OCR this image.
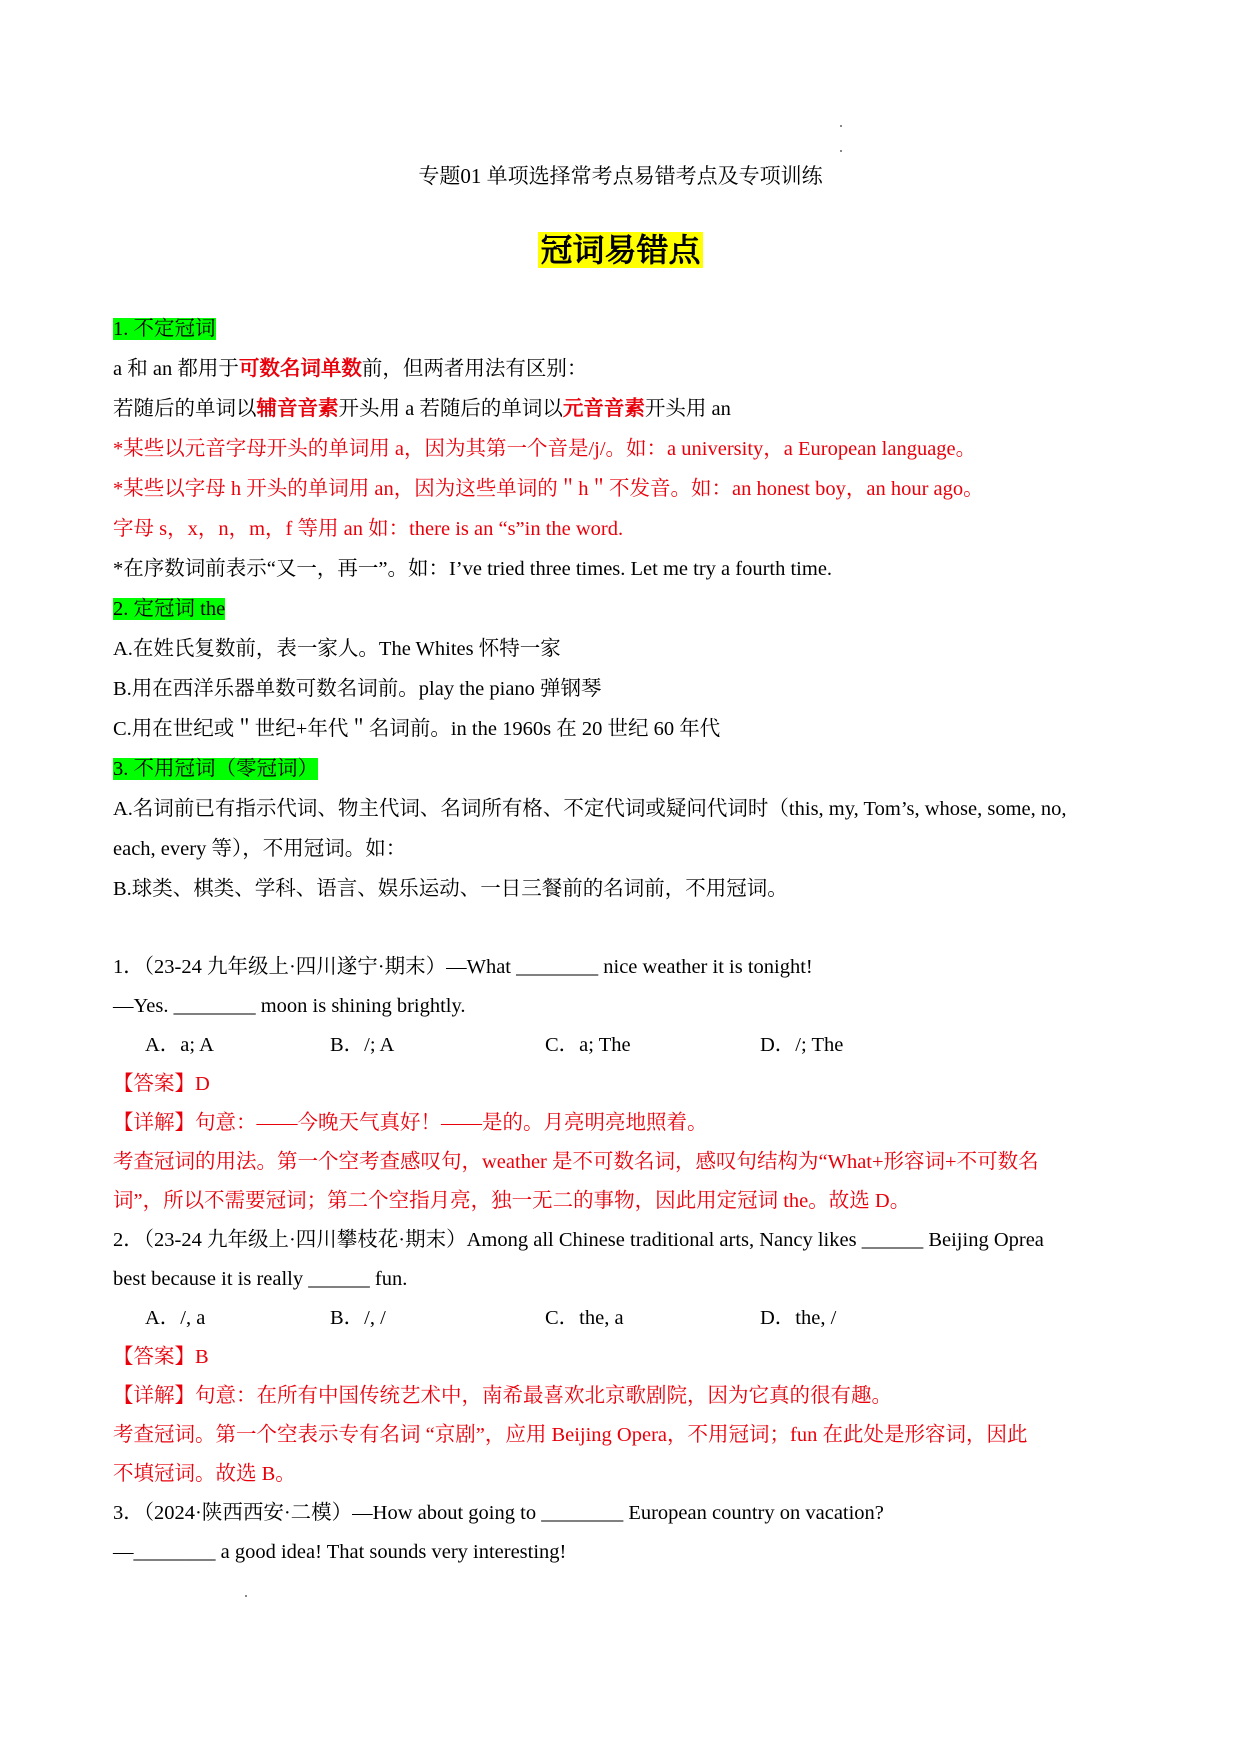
专题01 单项选择常考点易错考点及专项训练
冠词易错点
1. 不定冠词
a 和 an 都用于可数名词单数前，但两者用法有区别：
若随后的单词以辅音音素开头用 a 若随后的单词以元音音素开头用 an
*某些以元音字母开头的单词用 a，因为其第一个音是/j/。如：a university，a European language。
*某些以字母 h 开头的单词用 an，因为这些单词的＂h＂不发音。如：an honest boy，an hour ago。
字母 s，x，n，m，f 等用 an 如：there is an “s”in the word.
*在序数词前表示“又一，再一”。如：I’ve tried three times. Let me try a fourth time.
2. 定冠词 the
A.在姓氏复数前，表一家人。The Whites 怀特一家
B.用在西洋乐器单数可数名词前。play the piano 弹钢琴
C.用在世纪或＂世纪+年代＂名词前。in the 1960s 在 20 世纪 60 年代
3. 不用冠词（零冠词）
A.名词前已有指示代词、物主代词、名词所有格、不定代词或疑问代词时（this, my, Tom’s, whose, some, no,
each, every 等），不用冠词。如：
B.球类、棋类、学科、语言、娱乐运动、一日三餐前的名词前，不用冠词。
1．（23-24 九年级上·四川遂宁·期末）—What ________ nice weather it is tonight!
—Yes. ________ moon is shining brightly.
A．a; A	B．/; A	C．a; The	D．/; The
【答案】D
【详解】句意：——今晚天气真好！——是的。月亮明亮地照着。
考查冠词的用法。第一个空考查感叹句，weather 是不可数名词，感叹句结构为“What+形容词+不可数名
词”，所以不需要冠词；第二个空指月亮，独一无二的事物，因此用定冠词 the。故选 D。
2．（23-24 九年级上·四川攀枝花·期末）Among all Chinese traditional arts, Nancy likes ______ Beijing Oprea
best because it is really ______ fun.
A．/, a	B．/, /	C．the, a	D．the, /
【答案】B
【详解】句意：在所有中国传统艺术中，南希最喜欢北京歌剧院，因为它真的很有趣。
考查冠词。第一个空表示专有名词 “京剧”，应用 Beijing Opera，不用冠词；fun 在此处是形容词，因此
不填冠词。故选 B。
3．（2024·陕西西安·二模）—How about going to ________ European country on vacation?
—________ a good idea! That sounds very interesting!
